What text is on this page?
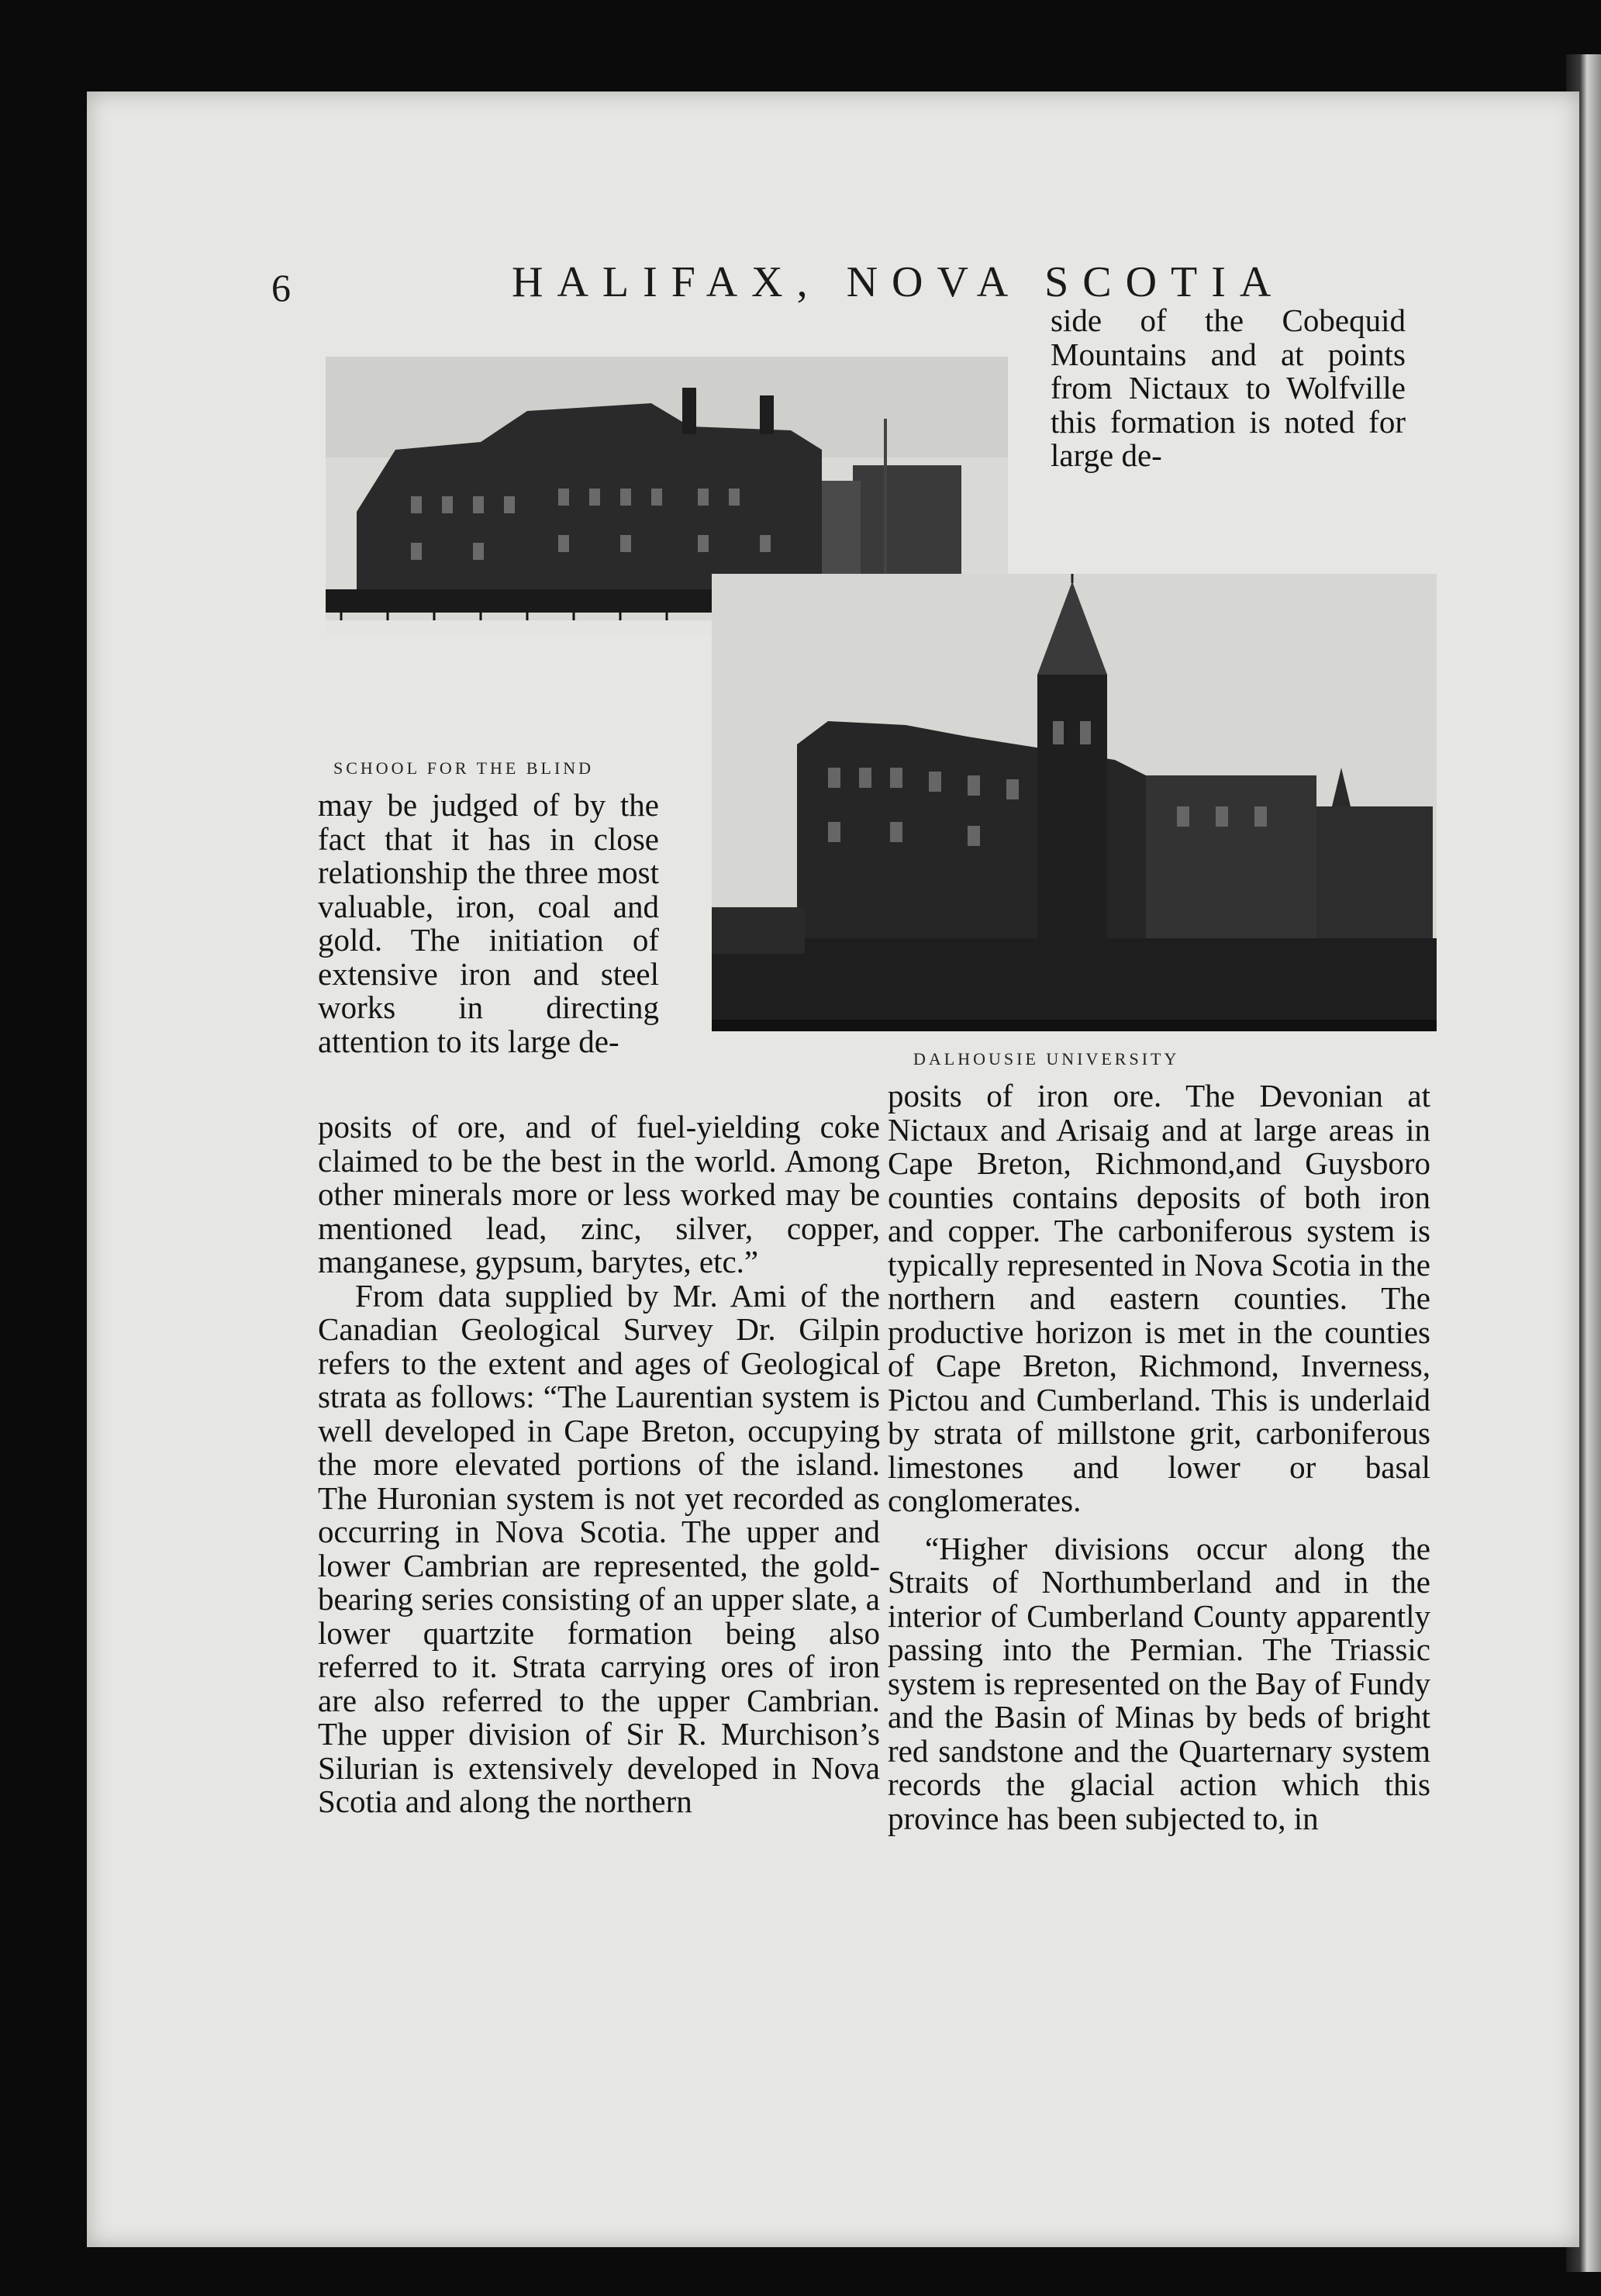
6	HALIFAX, NOVA SCOTIA
SCHOOL FOR THE BLIND
DALHOUSIE UNIVERSITY

side of the Cobequid Mountains and at points from Nictaux to Wolfville this formation is noted for large de-

may be judged of by the fact that it has in close relationship the three most valuable, iron, coal and gold. The initiation of extensive iron and steel works in directing attention to its large de-

posits of ore, and of fuel-yielding coke claimed to be the best in the world. Among other minerals more or less worked may be mentioned lead, zinc, silver, copper, manganese, gypsum, barytes, etc.”

From data supplied by Mr. Ami of the Canadian Geological Survey Dr. Gilpin refers to the extent and ages of Geological strata as follows: “The Laurentian system is well developed in Cape Breton, occupying the more elevated portions of the island. The Huronian system is not yet recorded as occurring in Nova Scotia. The upper and lower Cambrian are represented, the gold-bearing series consisting of an upper slate, a lower quartzite formation being also referred to it. Strata carrying ores of iron are also referred to the upper Cambrian. The upper division of Sir R. Murchison’s Silurian is extensively developed in Nova Scotia and along the northern

posits of iron ore. The Devonian at Nictaux and Arisaig and at large areas in Cape Breton, Richmond,and Guysboro counties contains deposits of both iron and copper. The carboniferous system is typically represented in Nova Scotia in the northern and eastern counties. The productive horizon is met in the counties of Cape Breton, Richmond, Inverness, Pictou and Cumberland. This is underlaid by strata of millstone grit, carboniferous limestones and lower or basal conglomerates.

“Higher divisions occur along the Straits of Northumberland and in the interior of Cumberland County apparently passing into the Permian. The Triassic system is represented on the Bay of Fundy and the Basin of Minas by beds of bright red sandstone and the Quarternary system records the glacial action which this province has been subjected to, in
